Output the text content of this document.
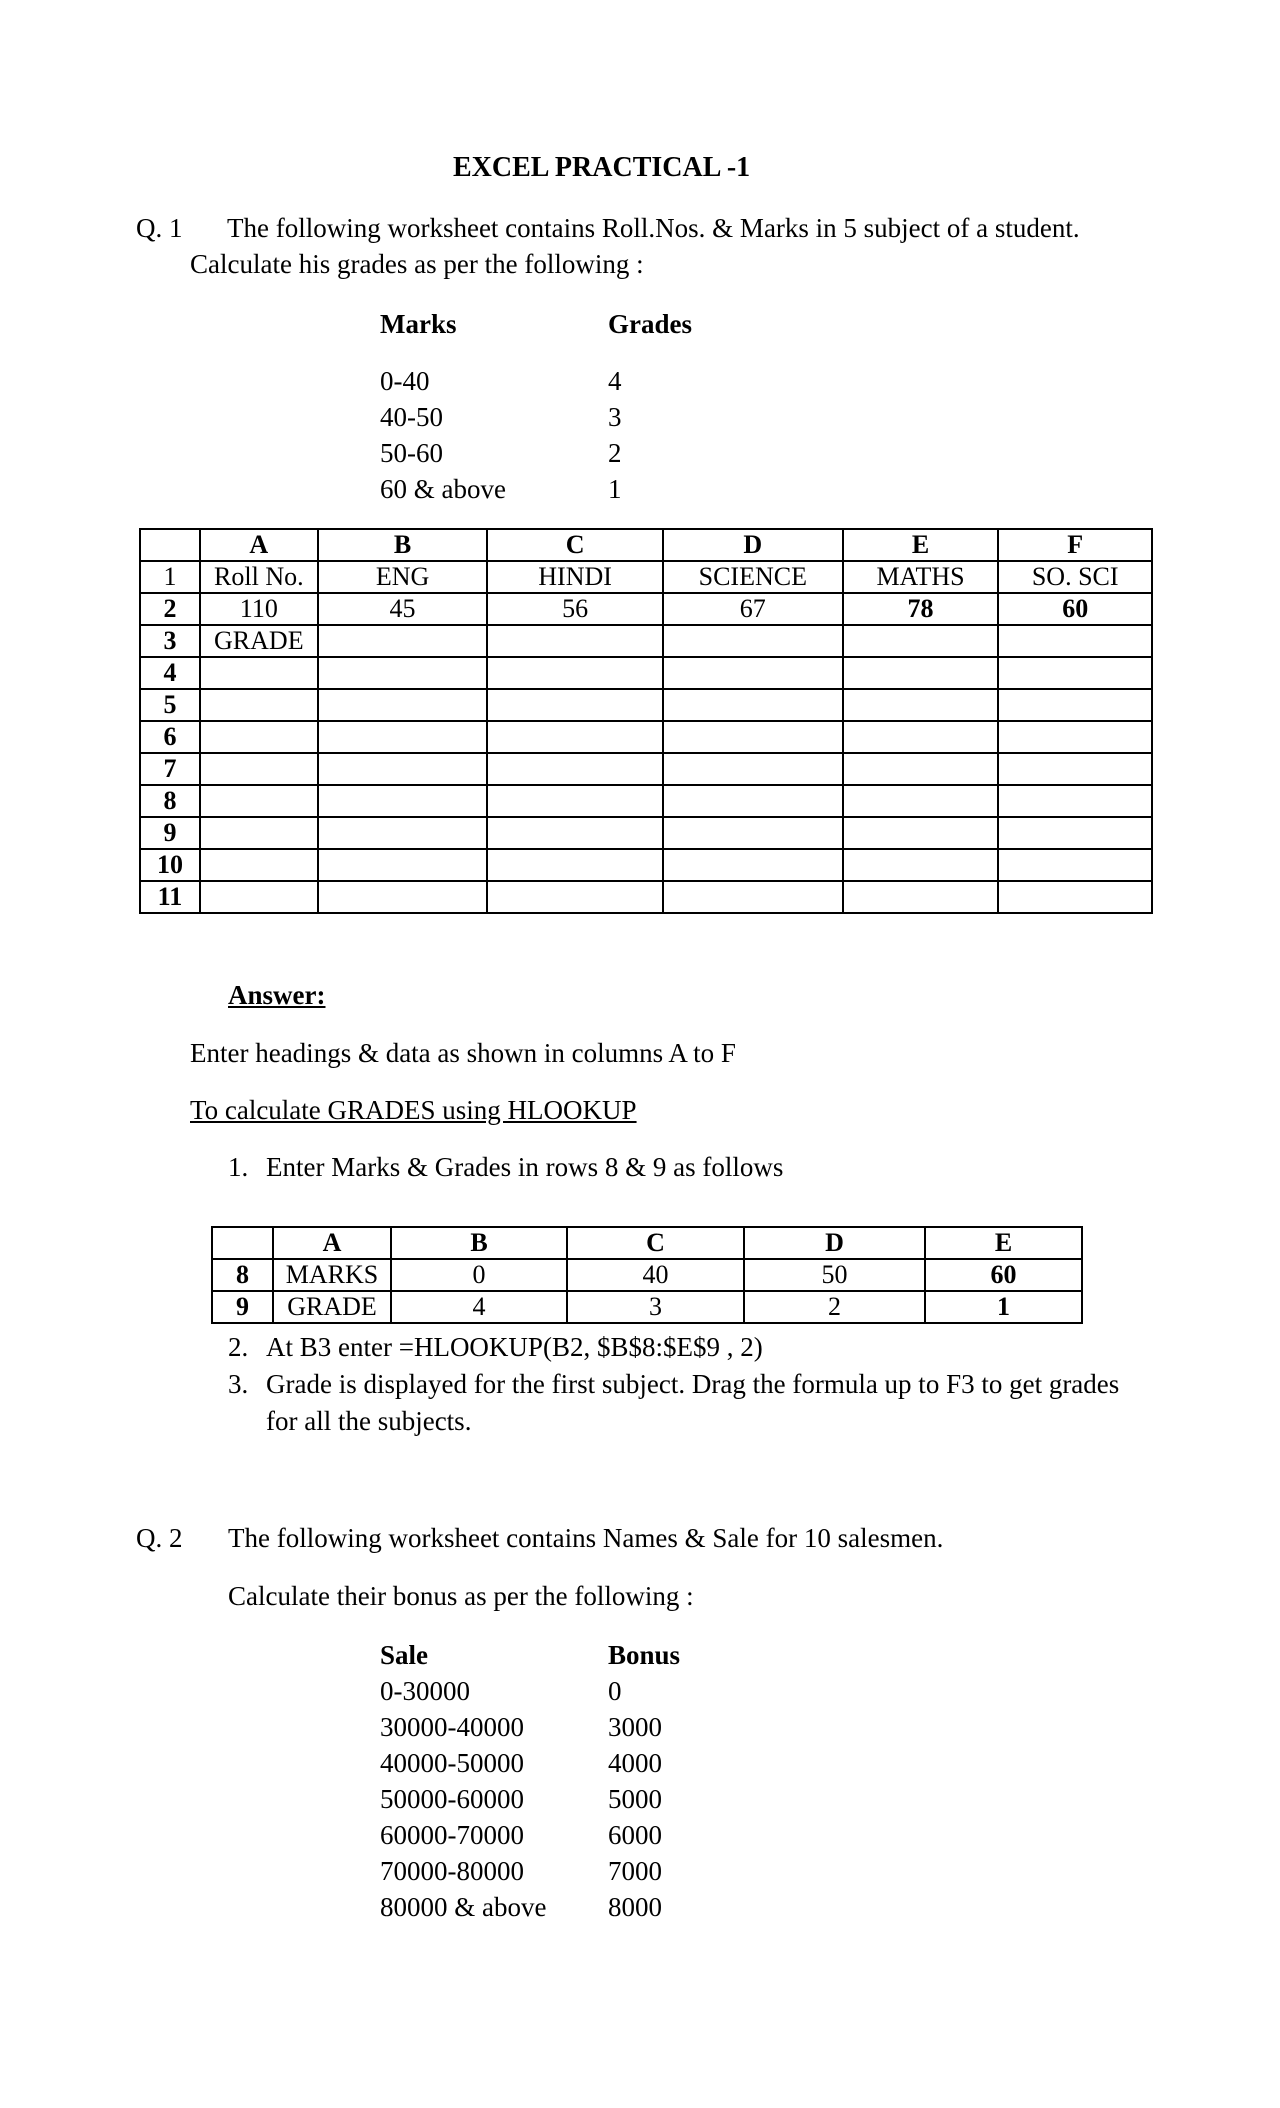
EXCEL PRACTICAL -1
Q. 1 The following worksheet contains Roll.Nos. & Marks in 5 subject of a student.
Calculate his grades as per the following :
Marks	Grades
0-40	4
40-50	3
50-60	2
60 & above	1
	A	B	C	D	E	F
1	Roll No.	ENG	HINDI	SCIENCE	MATHS	SO. SCI
2	110	45	56	67	78	60
3	GRADE					
4						
5						
6						
7						
8						
9						
10						
11						
Answer:
Enter headings & data as shown in columns A to F
To calculate GRADES using HLOOKUP
1. Enter Marks & Grades in rows 8 & 9 as follows
	A	B	C	D	E
8	MARKS	0	40	50	60
9	GRADE	4	3	2	1
2. At B3 enter =HLOOKUP(B2, $B$8:$E$9 , 2)
3. Grade is displayed for the first subject. Drag the formula up to F3 to get grades
for all the subjects.
Q. 2 The following worksheet contains Names & Sale for 10 salesmen.
Calculate their bonus as per the following :
Sale	Bonus
0-30000	0
30000-40000	3000
40000-50000	4000
50000-60000	5000
60000-70000	6000
70000-80000	7000
80000 & above 8000
